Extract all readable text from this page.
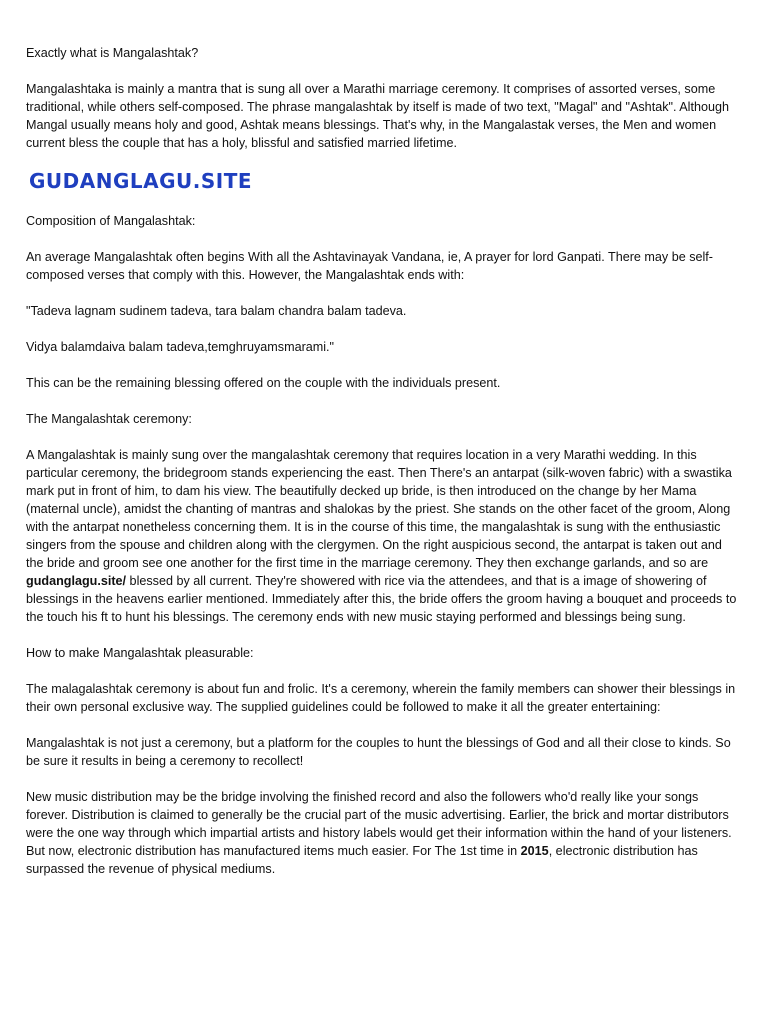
Exactly what is Mangalashtak?

Mangalashtaka is mainly a mantra that is sung all over a Marathi marriage ceremony. It comprises of assorted verses, some traditional, while others self-composed. The phrase mangalashtak by itself is made of two text, "Magal" and "Ashtak". Although Mangal usually means holy and good, Ashtak means blessings. That's why, in the Mangalastak verses, the Men and women current bless the couple that has a holy, blissful and satisfied married lifetime.

GUDANGLAGU.SITE

Composition of Mangalashtak:

An average Mangalashtak often begins With all the Ashtavinayak Vandana, ie, A prayer for lord Ganpati. There may be self-composed verses that comply with this. However, the Mangalashtak ends with:

"Tadeva lagnam sudinem tadeva, tara balam chandra balam tadeva.

Vidya balamdaiva balam tadeva,temghruyamsmarami."

This can be the remaining blessing offered on the couple with the individuals present.

The Mangalashtak ceremony:

A Mangalashtak is mainly sung over the mangalashtak ceremony that requires location in a very Marathi wedding. In this particular ceremony, the bridegroom stands experiencing the east. Then There's an antarpat (silk-woven fabric) with a swastika mark put in front of him, to dam his view. The beautifully decked up bride, is then introduced on the change by her Mama (maternal uncle), amidst the chanting of mantras and shalokas by the priest. She stands on the other facet of the groom, Along with the antarpat nonetheless concerning them. It is in the course of this time, the mangalashtak is sung with the enthusiastic singers from the spouse and children along with the clergymen. On the right auspicious second, the antarpat is taken out and the bride and groom see one another for the first time in the marriage ceremony. They then exchange garlands, and so are gudanglagu.site/ blessed by all current. They're showered with rice via the attendees, and that is a image of showering of blessings in the heavens earlier mentioned. Immediately after this, the bride offers the groom having a bouquet and proceeds to the touch his ft to hunt his blessings. The ceremony ends with new music staying performed and blessings being sung.

How to make Mangalashtak pleasurable:

The malagalashtak ceremony is about fun and frolic. It's a ceremony, wherein the family members can shower their blessings in their own personal exclusive way. The supplied guidelines could be followed to make it all the greater entertaining:

Mangalashtak is not just a ceremony, but a platform for the couples to hunt the blessings of God and all their close to kinds. So be sure it results in being a ceremony to recollect!

New music distribution may be the bridge involving the finished record and also the followers who'd really like your songs forever. Distribution is claimed to generally be the crucial part of the music advertising. Earlier, the brick and mortar distributors were the one way through which impartial artists and history labels would get their information within the hand of your listeners. But now, electronic distribution has manufactured items much easier. For The 1st time in 2015, electronic distribution has surpassed the revenue of physical mediums.
